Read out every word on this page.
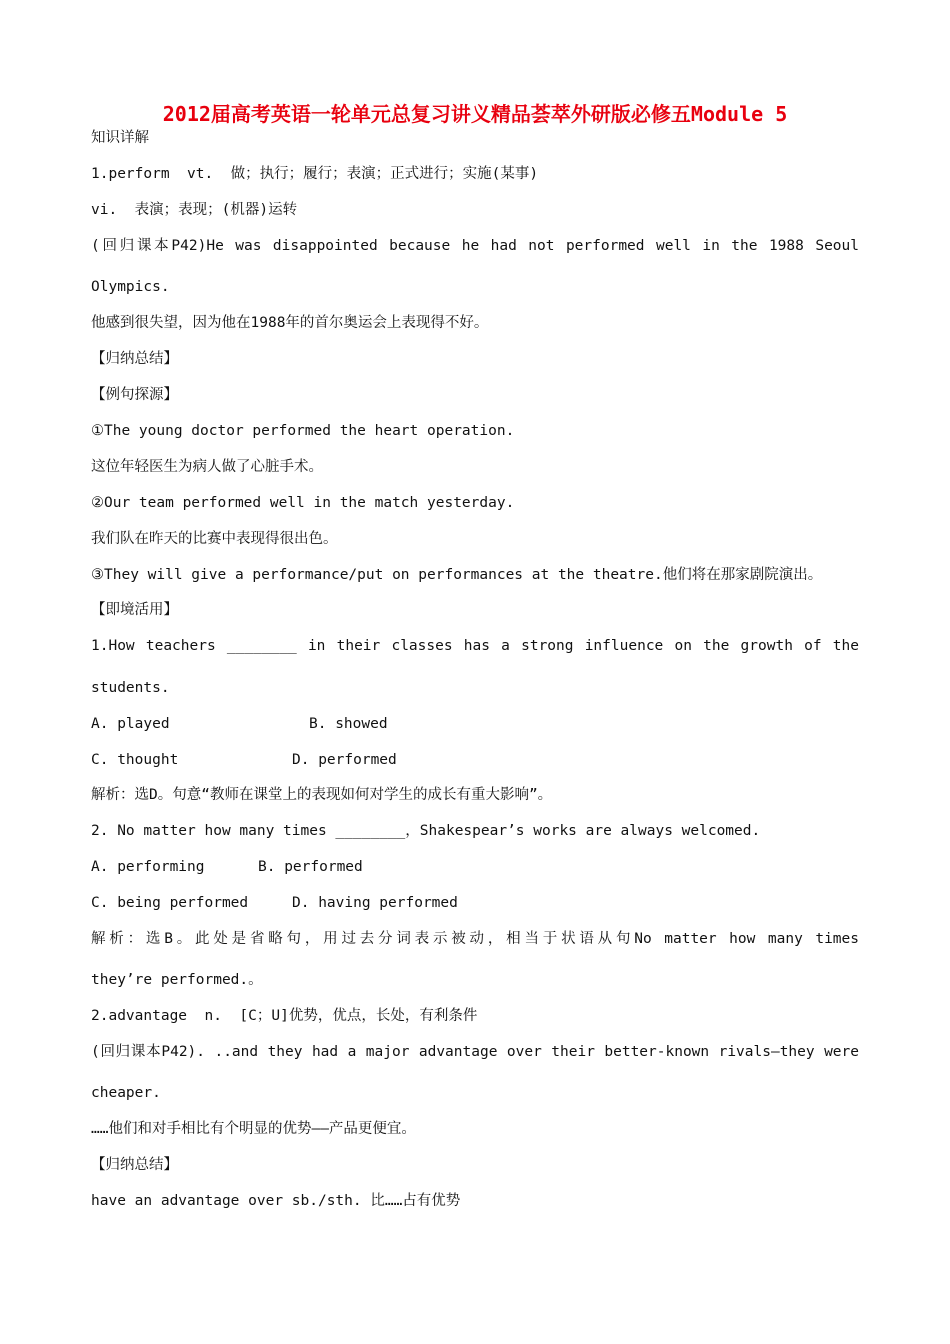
2012届高考英语一轮单元总复习讲义精品荟萃外研版必修五Module 5
知识详解
1.perform  vt.  做；执行；履行；表演；正式进行；实施(某事)
vi.  表演；表现；(机器)运转
(回归课本P42)He was disappointed because he had not performed well in the 1988 Seoul
Olympics.
他感到很失望，因为他在1988年的首尔奥运会上表现得不好。
【归纳总结】
【例句探源】
①The young doctor performed the heart operation.
这位年轻医生为病人做了心脏手术。
②Our team performed well in the match yesterday.
我们队在昨天的比赛中表现得很出色。
③They will give a performance/put on performances at the theatre.他们将在那家剧院演出。
【即境活用】
1.How teachers ________ in their classes has a strong influence on the growth of the
students.
A. played	B. showed
C. thought	D. performed
解析：选D。句意“教师在课堂上的表现如何对学生的成长有重大影响”。
2. No matter how many times ________，Shakespear’s works are always welcomed.
A. performing	B. performed
C. being performed	D. having performed
解析：选B。此处是省略句，用过去分词表示被动，相当于状语从句No matter how many times
they’re performed.。
2.advantage  n.  [C；U]优势，优点，长处，有利条件
(回归课本P42). ..and they had a major advantage over their better-known rivals—they were
cheaper.
……他们和对手相比有个明显的优势——产品更便宜。
【归纳总结】
have an advantage over sb./sth. 比……占有优势
